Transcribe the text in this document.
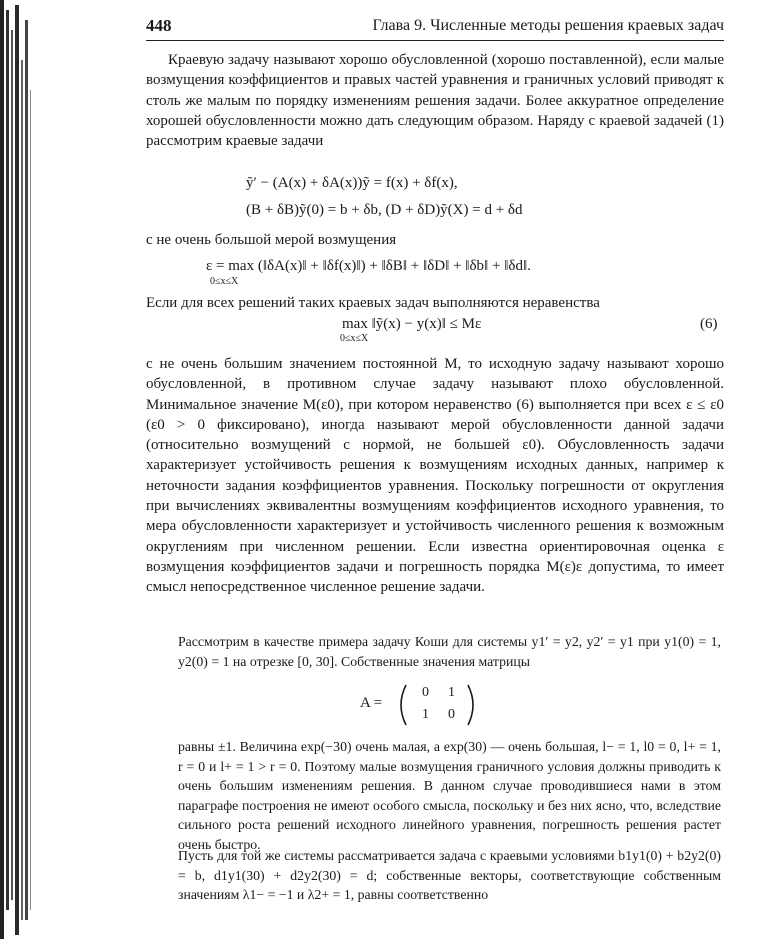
448	Глава 9. Численные методы решения краевых задач

Краевую задачу называют хорошо обусловленной (хорошо поставленной), если малые возмущения коэффициентов и правых частей уравнения и граничных условий приводят к столь же малым по порядку изменениям решения задачи. Более аккуратное определение хорошей обусловленности можно дать следующим образом. Наряду с краевой задачей (1) рассмотрим краевые задачи

ỹ′ − (A(x) + δA(x))ỹ = f(x) + δf(x),
(B + δB)ỹ(0) = b + δb, (D + δD)ỹ(X) = d + δd

с не очень большой мерой возмущения

ε = max (‖δA(x)‖ + ‖δf(x)‖) + ‖δB‖ + ‖δD‖ + ‖δb‖ + ‖δd‖.
0≤x≤X

Если для всех решений таких краевых задач выполняются неравенства

max ‖ỹ(x) − y(x)‖ ≤ Mε
0≤x≤X
(6)

с не очень большим значением постоянной M, то исходную задачу называют хорошо обусловленной, в противном случае задачу называют плохо обусловленной. Минимальное значение M(ε0), при котором неравенство (6) выполняется при всех ε ≤ ε0 (ε0 > 0 фиксировано), иногда называют мерой обусловленности данной задачи (относительно возмущений с нормой, не большей ε0). Обусловленность задачи характеризует устойчивость решения к возмущениям исходных данных, например к неточности задания коэффициентов уравнения. Поскольку погрешности от округления при вычислениях эквивалентны возмущениям коэффициентов исходного уравнения, то мера обусловленности характеризует и устойчивость численного решения к возможным округлениям при численном решении. Если известна ориентировочная оценка ε возмущения коэффициентов задачи и погрешность порядка M(ε)ε допустима, то имеет смысл непосредственное численное решение задачи.

Рассмотрим в качестве примера задачу Коши для системы y1′ = y2, y2′ = y1 при y1(0) = 1, y2(0) = 1 на отрезке [0, 30]. Собственные значения матрицы

A =
0 1
1 0

равны ±1. Величина exp(−30) очень малая, а exp(30) — очень большая, l− = 1, l0 = 0, l+ = 1, r = 0 и l+ = 1 > r = 0. Поэтому малые возмущения граничного условия должны приводить к очень большим изменениям решения. В данном случае проводившиеся нами в этом параграфе построения не имеют особого смысла, поскольку и без них ясно, что, вследствие сильного роста решений исходного линейного уравнения, погрешность решения растет очень быстро.

Пусть для той же системы рассматривается задача с краевыми условиями b1y1(0) + b2y2(0) = b, d1y1(30) + d2y2(30) = d; собственные векторы, соответствующие собственным значениям λ1− = −1 и λ2+ = 1, равны соответственно
